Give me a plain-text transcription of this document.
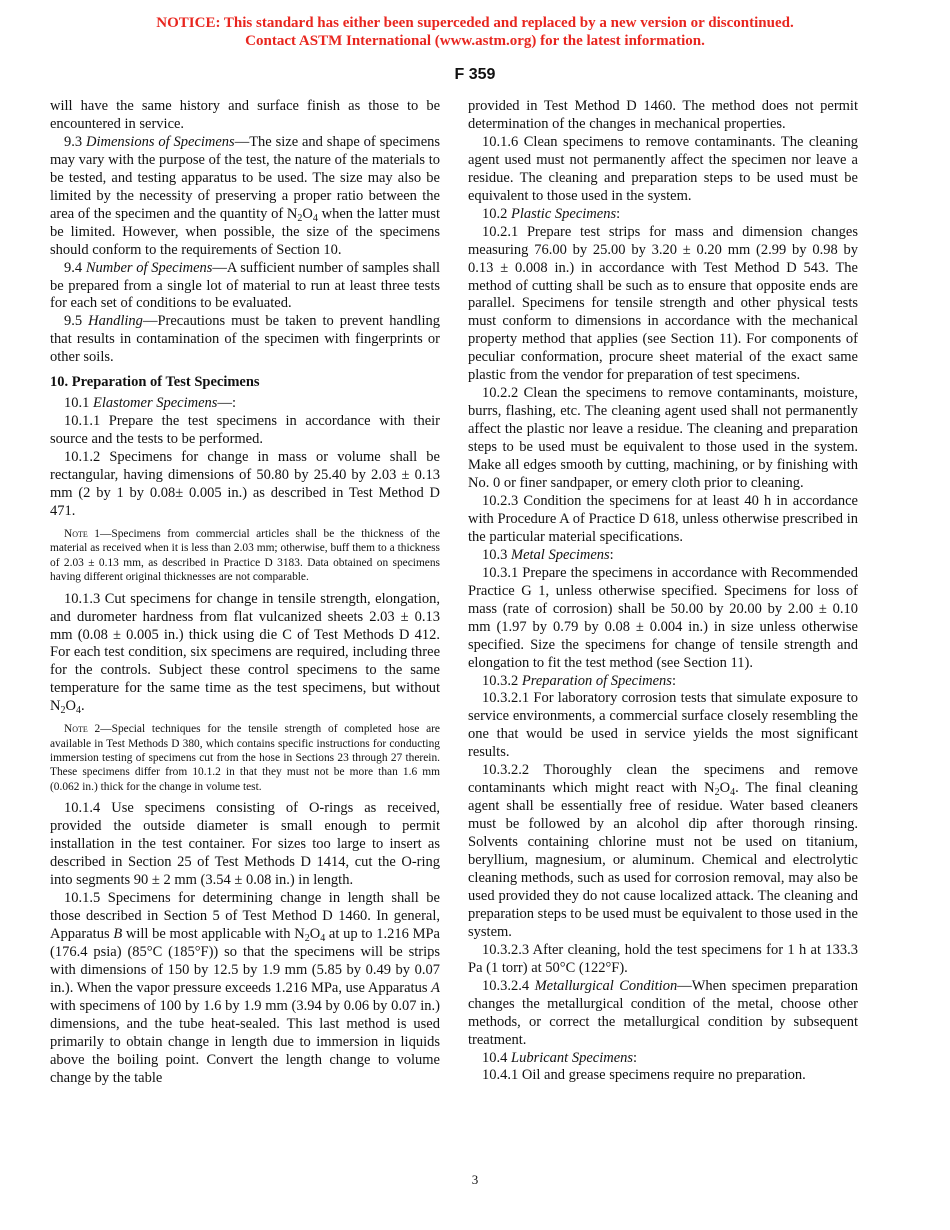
NOTICE: This standard has either been superceded and replaced by a new version or discontinued.
Contact ASTM International (www.astm.org) for the latest information.
F 359

will have the same history and surface finish as those to be encountered in service.

9.3 Dimensions of Specimens—The size and shape of specimens may vary with the purpose of the test, the nature of the materials to be tested, and testing apparatus to be used. The size may also be limited by the necessity of preserving a proper ratio between the area of the specimen and the quantity of $N_2O_4$ when the latter must be limited. However, when possible, the size of the specimens should conform to the requirements of Section 10.

9.4 Number of Specimens—A sufficient number of samples shall be prepared from a single lot of material to run at least three tests for each set of conditions to be evaluated.

9.5 Handling—Precautions must be taken to prevent handling that results in contamination of the specimen with fingerprints or other soils.

10. Preparation of Test Specimens

10.1 Elastomer Specimens—:

10.1.1 Prepare the test specimens in accordance with their source and the tests to be performed.

10.1.2 Specimens for change in mass or volume shall be rectangular, having dimensions of 50.80 by 25.40 by 2.03 ± 0.13 mm (2 by 1 by 0.08± 0.005 in.) as described in Test Method D 471.

Note 1—Specimens from commercial articles shall be the thickness of the material as received when it is less than 2.03 mm; otherwise, buff them to a thickness of 2.03 ± 0.13 mm, as described in Practice D 3183. Data obtained on specimens having different original thicknesses are not comparable.

10.1.3 Cut specimens for change in tensile strength, elongation, and durometer hardness from flat vulcanized sheets 2.03 ± 0.13 mm (0.08 ± 0.005 in.) thick using die C of Test Methods D 412. For each test condition, six specimens are required, including three for the controls. Subject these control specimens to the same temperature for the same time as the test specimens, but without $N_2O_4$.

Note 2—Special techniques for the tensile strength of completed hose are available in Test Methods D 380, which contains specific instructions for conducting immersion testing of specimens cut from the hose in Sections 23 through 27 therein. These specimens differ from 10.1.2 in that they must not be more than 1.6 mm (0.062 in.) thick for the change in volume test.

10.1.4 Use specimens consisting of O-rings as received, provided the outside diameter is small enough to permit installation in the test container. For sizes too large to insert as described in Section 25 of Test Methods D 1414, cut the O-ring into segments 90 ± 2 mm (3.54 ± 0.08 in.) in length.

10.1.5 Specimens for determining change in length shall be those described in Section 5 of Test Method D 1460. In general, Apparatus B will be most applicable with $N_2O_4$ at up to 1.216 MPa (176.4 psia) (85°C (185°F)) so that the specimens will be strips with dimensions of 150 by 12.5 by 1.9 mm (5.85 by 0.49 by 0.07 in.). When the vapor pressure exceeds 1.216 MPa, use Apparatus A with specimens of 100 by 1.6 by 1.9 mm (3.94 by 0.06 by 0.07 in.) dimensions, and the tube heat-sealed. This last method is used primarily to obtain change in length due to immersion in liquids above the boiling point. Convert the length change to volume change by the table

provided in Test Method D 1460. The method does not permit determination of the changes in mechanical properties.

10.1.6 Clean specimens to remove contaminants. The cleaning agent used must not permanently affect the specimen nor leave a residue. The cleaning and preparation steps to be used must be equivalent to those used in the system.

10.2 Plastic Specimens:

10.2.1 Prepare test strips for mass and dimension changes measuring 76.00 by 25.00 by 3.20 ± 0.20 mm (2.99 by 0.98 by 0.13 ± 0.008 in.) in accordance with Test Method D 543. The method of cutting shall be such as to ensure that opposite ends are parallel. Specimens for tensile strength and other physical tests must conform to dimensions in accordance with the mechanical property method that applies (see Section 11). For components of peculiar conformation, procure sheet material of the exact same plastic from the vendor for preparation of test specimens.

10.2.2 Clean the specimens to remove contaminants, moisture, burrs, flashing, etc. The cleaning agent used shall not permanently affect the plastic nor leave a residue. The cleaning and preparation steps to be used must be equivalent to those used in the system. Make all edges smooth by cutting, machining, or by finishing with No. 0 or finer sandpaper, or emery cloth prior to cleaning.

10.2.3 Condition the specimens for at least 40 h in accordance with Procedure A of Practice D 618, unless otherwise prescribed in the particular material specifications.

10.3 Metal Specimens:

10.3.1 Prepare the specimens in accordance with Recommended Practice G 1, unless otherwise specified. Specimens for loss of mass (rate of corrosion) shall be 50.00 by 20.00 by 2.00 ± 0.10 mm (1.97 by 0.79 by 0.08 ± 0.004 in.) in size unless otherwise specified. Size the specimens for change of tensile strength and elongation to fit the test method (see Section 11).

10.3.2 Preparation of Specimens:

10.3.2.1 For laboratory corrosion tests that simulate exposure to service environments, a commercial surface closely resembling the one that would be used in service yields the most significant results.

10.3.2.2 Thoroughly clean the specimens and remove contaminants which might react with $N_2O_4$. The final cleaning agent shall be essentially free of residue. Water based cleaners must be followed by an alcohol dip after thorough rinsing. Solvents containing chlorine must not be used on titanium, beryllium, magnesium, or aluminum. Chemical and electrolytic cleaning methods, such as used for corrosion removal, may also be used provided they do not cause localized attack. The cleaning and preparation steps to be used must be equivalent to those used in the system.

10.3.2.3 After cleaning, hold the test specimens for 1 h at 133.3 Pa (1 torr) at 50°C (122°F).

10.3.2.4 Metallurgical Condition—When specimen preparation changes the metallurgical condition of the metal, choose other methods, or correct the metallurgical condition by subsequent treatment.

10.4 Lubricant Specimens:

10.4.1 Oil and grease specimens require no preparation.

3
